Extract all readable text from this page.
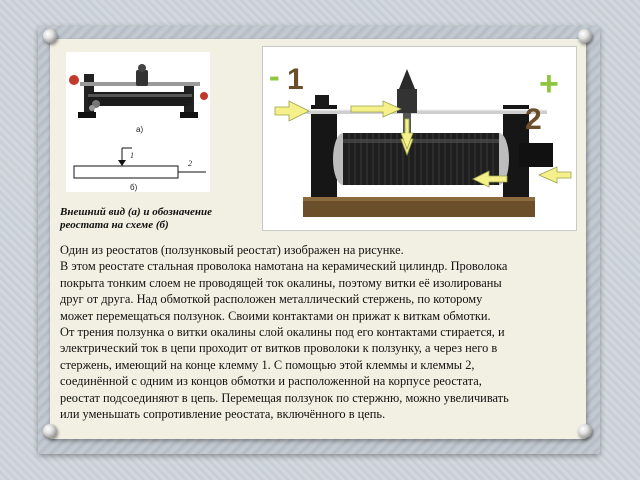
а)
1
2
б)
- 1	+
2
Внешний вид (а) и обозначение
реостата на схеме (б)
Один из реостатов (ползунковый реостат) изображен на рисунке.
В этом реостате стальная проволока намотана на керамический цилиндр. Проволока
покрыта тонким слоем не проводящей ток окалины, поэтому витки её изолированы
друг от друга. Над обмоткой расположен металлический стержень, по которому
может перемещаться ползунок. Своими контактами он прижат к виткам обмотки.
От трения ползунка о витки окалины слой окалины под его контактами стирается, и
электрический ток в цепи проходит от витков проволоки к ползунку, а через него в
стержень, имеющий на конце клемму 1. С помощью этой клеммы и клеммы 2,
соединённой с одним из концов обмотки и расположенной на корпусе реостата,
реостат подсоединяют в цепь. Перемещая ползунок по стержню, можно увеличивать
или уменьшать сопротивление реостата, включённого в цепь.
